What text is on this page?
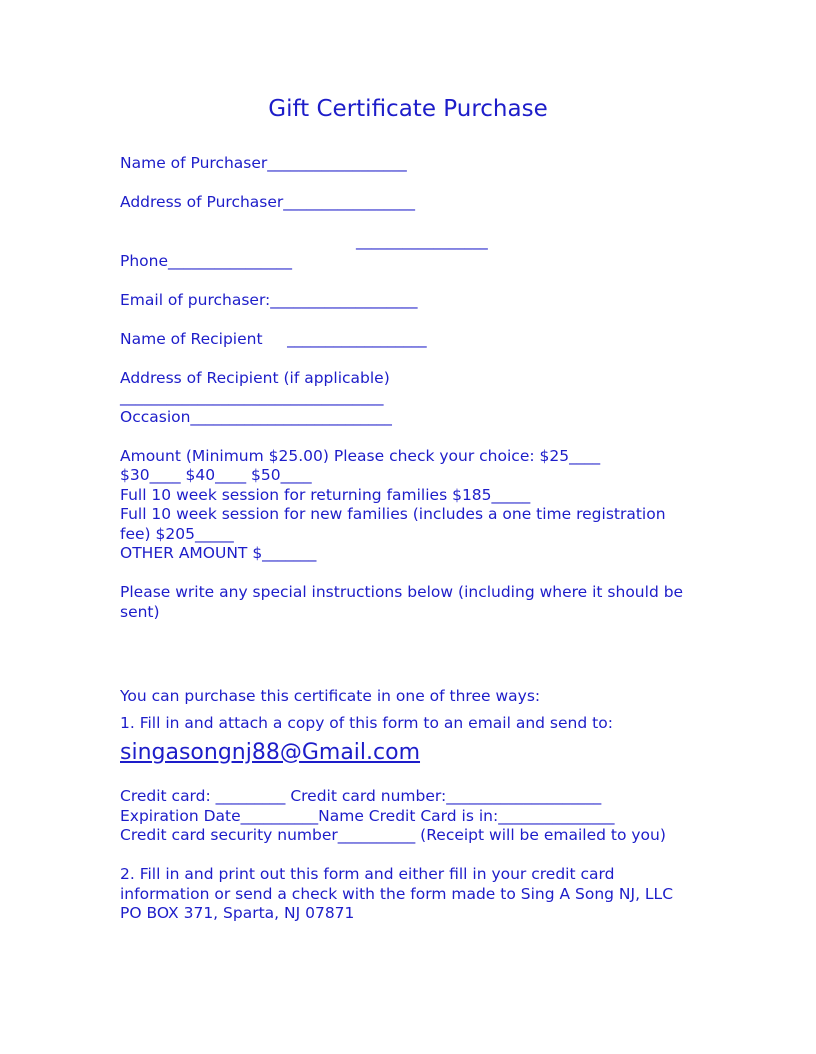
Gift Certificate Purchase
Name of Purchaser__________________
Address of Purchaser_________________
_________________
Phone________________
Email of purchaser:___________________
Name of Recipient     __________________
Address of Recipient (if applicable)
__________________________________
Occasion__________________________
Amount (Minimum $25.00) Please check your choice: $25____
$30____ $40____ $50____
Full 10 week session for returning families $185_____
Full 10 week session for new families (includes a one time registration fee) $205_____
OTHER AMOUNT $_______
Please write any special instructions below (including where it should be sent)
You can purchase this certificate in one of three ways:
1. Fill in and attach a copy of this form to an email and send to:
singasongnj88@Gmail.com
Credit card: _________ Credit card number:____________________
Expiration Date__________Name Credit Card is in:_______________
Credit card security number__________ (Receipt will be emailed to you)
2. Fill in and print out this form and either fill in your credit card information or send a check with the form made to Sing A Song NJ, LLC
PO BOX 371, Sparta, NJ 07871
